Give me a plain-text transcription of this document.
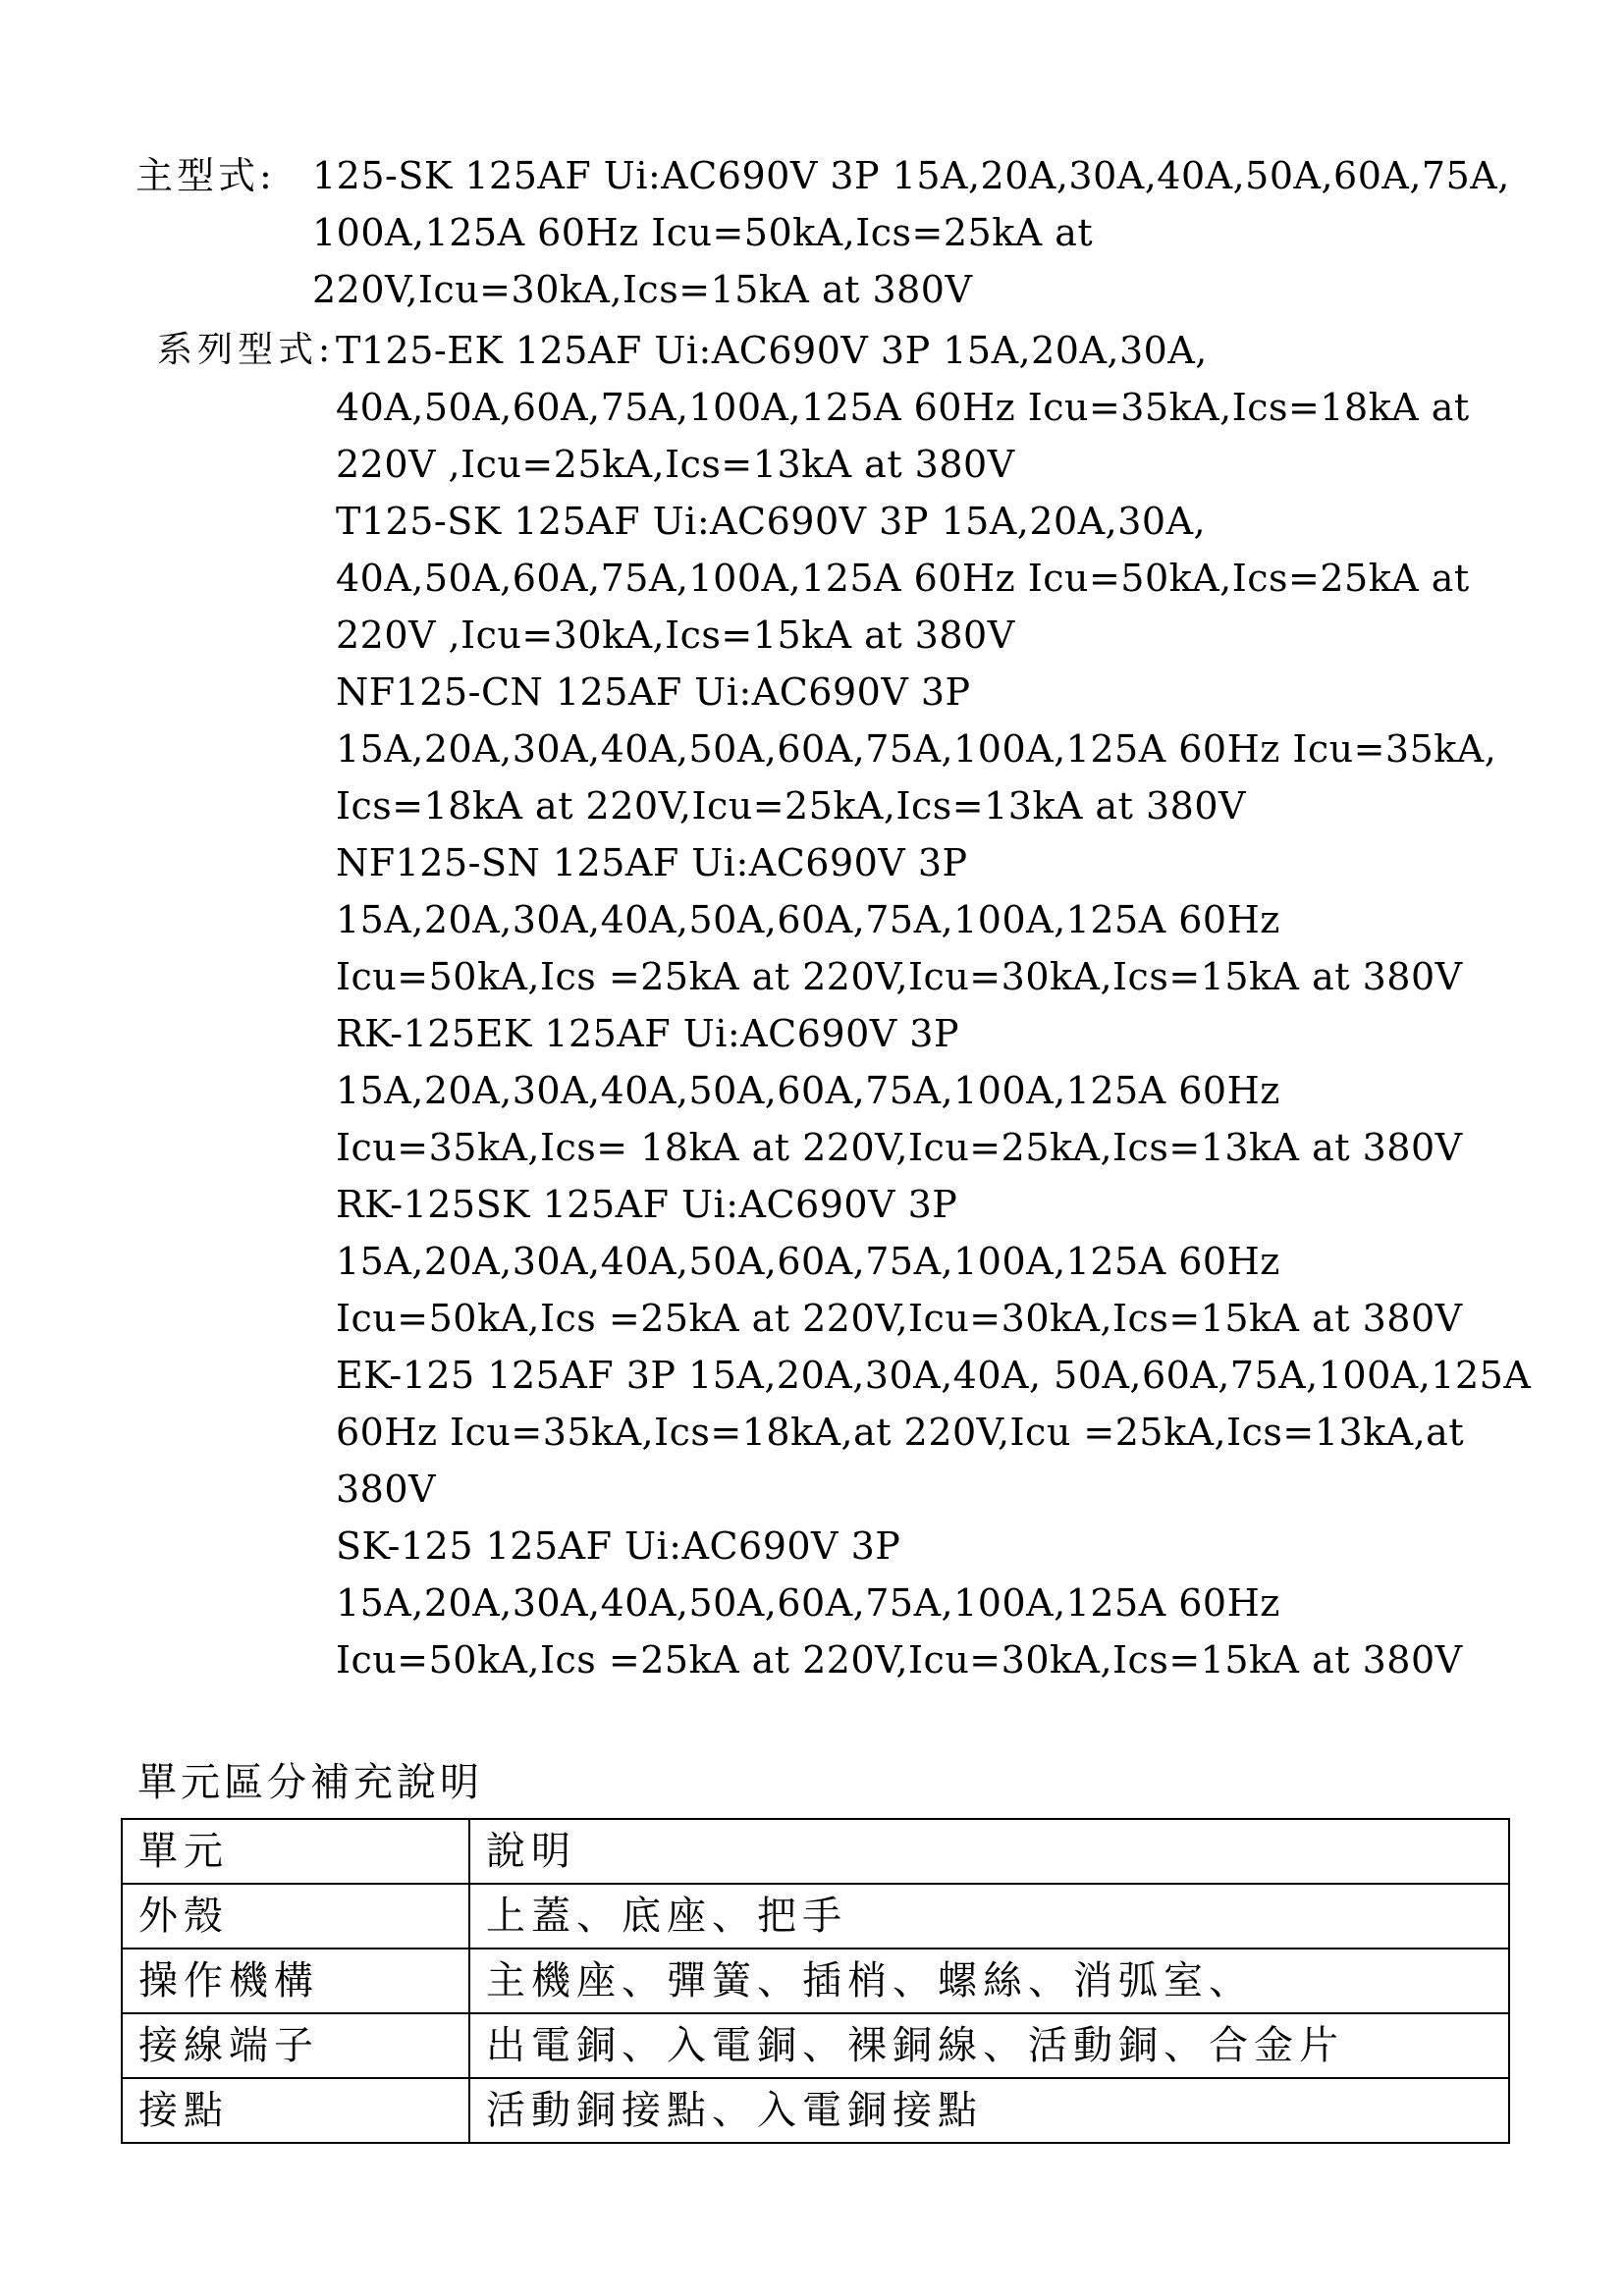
主型式: 125-SK 125AF Ui:AC690V 3P 15A,20A,30A,40A,50A,60A,75A, 100A,125A 60Hz Icu=50kA,Ics=25kA at 220V,Icu=30kA,Ics=15kA at 380V
系列型式: T125-EK 125AF Ui:AC690V 3P 15A,20A,30A, 40A,50A,60A,75A,100A,125A 60Hz Icu=35kA,Ics=18kA at 220V ,Icu=25kA,Ics=13kA at 380V
T125-SK 125AF Ui:AC690V 3P 15A,20A,30A, 40A,50A,60A,75A,100A,125A 60Hz Icu=50kA,Ics=25kA at 220V ,Icu=30kA,Ics=15kA at 380V
NF125-CN 125AF Ui:AC690V 3P 15A,20A,30A,40A,50A,60A,75A,100A,125A 60Hz Icu=35kA, Ics=18kA at 220V,Icu=25kA,Ics=13kA at 380V
NF125-SN 125AF Ui:AC690V 3P 15A,20A,30A,40A,50A,60A,75A,100A,125A 60Hz Icu=50kA,Ics =25kA at 220V,Icu=30kA,Ics=15kA at 380V
RK-125EK 125AF Ui:AC690V 3P 15A,20A,30A,40A,50A,60A,75A,100A,125A 60Hz Icu=35kA,Ics= 18kA at 220V,Icu=25kA,Ics=13kA at 380V
RK-125SK 125AF Ui:AC690V 3P 15A,20A,30A,40A,50A,60A,75A,100A,125A 60Hz Icu=50kA,Ics =25kA at 220V,Icu=30kA,Ics=15kA at 380V
EK-125 125AF 3P 15A,20A,30A,40A, 50A,60A,75A,100A,125A 60Hz Icu=35kA,Ics=18kA,at 220V,Icu =25kA,Ics=13kA,at 380V
SK-125 125AF Ui:AC690V 3P 15A,20A,30A,40A,50A,60A,75A,100A,125A 60Hz Icu=50kA,Ics =25kA at 220V,Icu=30kA,Ics=15kA at 380V
單元區分補充說明
單元	說明
外殼	上蓋、底座、把手
操作機構	主機座、彈簧、插梢、螺絲、消弧室、
接線端子	出電銅、入電銅、裸銅線、活動銅、合金片
接點	活動銅接點、入電銅接點
